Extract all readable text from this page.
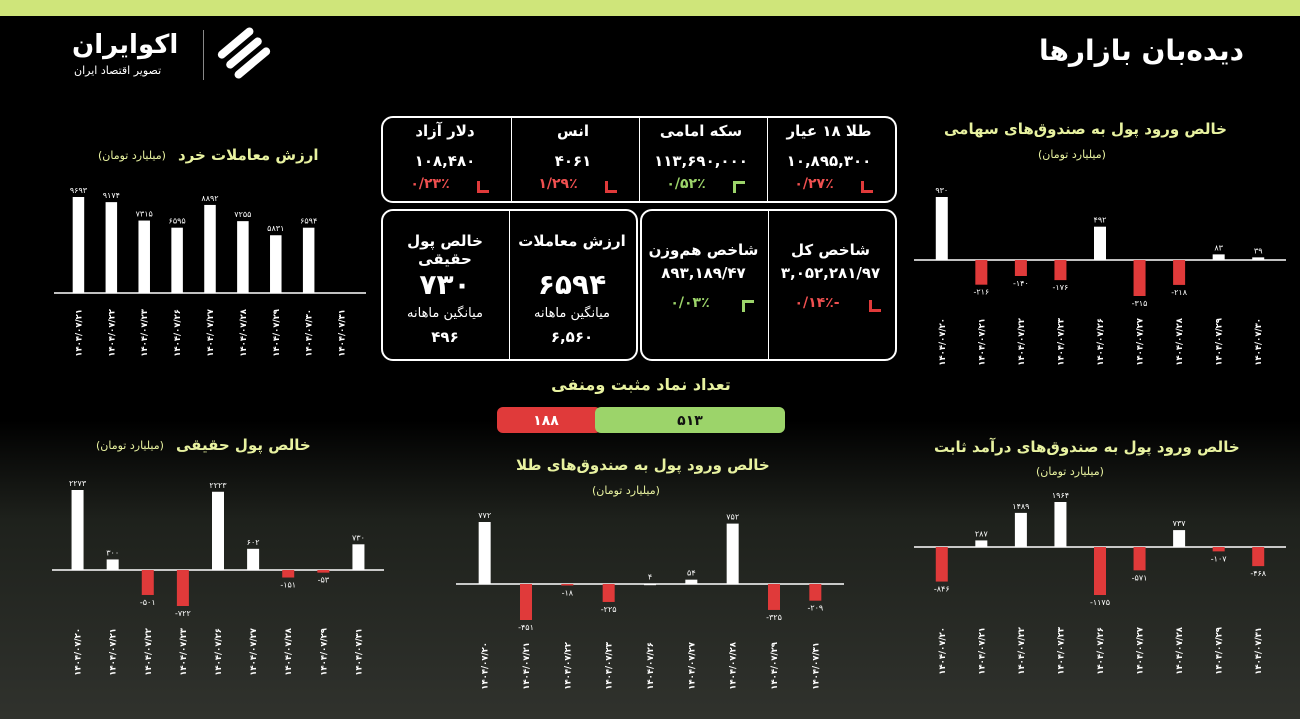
دیده‌بان بازارها
اکوایران
تصویر اقتصاد ایران
ارزش معاملات خرد
(میلیارد تومان)
۹۶۹۳
۹۱۷۴
۷۳۱۵
۶۵۹۵
۸۸۹۲
۷۲۵۵
۵۸۳۱
۶۵۹۴
۱۴۰۴/۰۷/۲۱	۱۴۰۴/۰۷/۲۲	۱۴۰۴/۰۷/۲۳	۱۴۰۴/۰۷/۲۶	۱۴۰۴/۰۷/۲۷	۱۴۰۴/۰۷/۲۸	۱۴۰۴/۰۷/۲۹	۱۴۰۴/۰۷/۳۰	۱۴۰۴/۰۷/۳۱
خالص ورود پول به صندوق‌های سهامی
(میلیارد تومان)
۹۳۰
-۲۱۶
-۱۴۰	-۱۷۶
۴۹۲
-۳۱۵
-۲۱۸
۸۳	۳۹
۱۴۰۴/۰۷/۲۰	۱۴۰۴/۰۷/۲۱	۱۴۰۴/۰۷/۲۲	۱۴۰۴/۰۷/۲۳	۱۴۰۴/۰۷/۲۶	۱۴۰۴/۰۷/۲۷	۱۴۰۴/۰۷/۲۸	۱۴۰۴/۰۷/۲۹	۱۴۰۴/۰۷/۳۰
ارزش معاملات
۶۵۹۴
میانگین ماهانه
۶,۵۶۰
خالص پول حقیقی
۷۳۰
میانگین ماهانه
۴۹۶
تعداد نماد مثبت ومنفی
۱۸۸	۵۱۳
خالص پول حقیقی
(میلیارد تومان)
۲۲۷۳
۳۰۰
-۵۰۱
-۷۲۲
۲۲۲۳
۶۰۲
-۱۵۱
-۵۳
۷۳۰
۱۴۰۴/۰۷/۲۰	۱۴۰۴/۰۷/۲۱	۱۴۰۴/۰۷/۲۲	۱۴۰۴/۰۷/۲۳	۱۴۰۴/۰۷/۲۶	۱۴۰۴/۰۷/۲۷	۱۴۰۴/۰۷/۲۸	۱۴۰۴/۰۷/۲۹	۱۴۰۴/۰۷/۳۱
خالص ورود پول به صندوق‌های طلا
(میلیارد تومان)
۷۷۲
-۴۵۱
-۱۸
-۲۲۵
۴	۵۴
۷۵۲
-۳۲۵
-۲۰۹
۱۴۰۴/۰۷/۲۰	۱۴۰۴/۰۷/۲۱	۱۴۰۴/۰۷/۲۲	۱۴۰۴/۰۷/۲۳	۱۴۰۴/۰۷/۲۶	۱۴۰۴/۰۷/۲۷	۱۴۰۴/۰۷/۲۸	۱۴۰۴/۰۷/۲۹	۱۴۰۴/۰۷/۳۱
خالص ورود پول به صندوق‌های درآمد ثابت
(میلیارد تومان)
-۸۴۶
۲۸۷
۱۴۸۹
۱۹۶۴
-۱۱۷۵
-۵۷۱
۷۳۷
-۱۰۷
-۴۶۸
۱۴۰۴/۰۷/۲۰	۱۴۰۴/۰۷/۲۱	۱۴۰۴/۰۷/۲۲	۱۴۰۴/۰۷/۲۳	۱۴۰۴/۰۷/۲۶	۱۴۰۴/۰۷/۲۷	۱۴۰۴/۰۷/۲۸	۱۴۰۴/۰۷/۲۹	۱۴۰۴/۰۷/۳۱
طلا ۱۸ عیار
۱۰,۸۹۵,۳۰۰
۰/۲۷٪
سکه امامی
۱۱۳,۶۹۰,۰۰۰
۰/۵۲٪
انس
۴۰۶۱
۱/۲۹٪
دلار آزاد
۱۰۸,۴۸۰
۰/۲۳٪
شاخص کل
۳,۰۵۲,۲۸۱/۹۷
-۰/۱۴٪
شاخص هم‌وزن
۸۹۳,۱۸۹/۴۷
۰/۰۳٪
